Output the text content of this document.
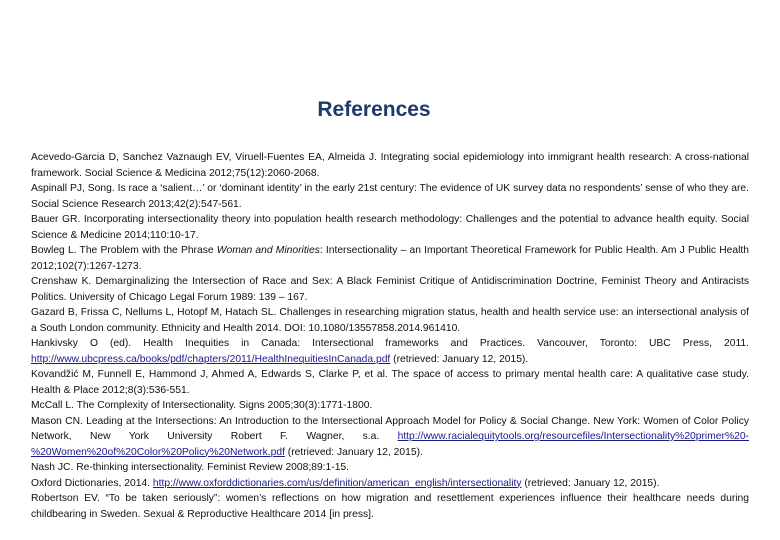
References
Acevedo-Garcia D, Sanchez Vaznaugh EV, Viruell-Fuentes EA, Almeida J. Integrating social epidemiology into immigrant health research: A cross-national framework. Social Science & Medicina 2012;75(12):2060-2068.
Aspinall PJ, Song. Is race a ‘salient…’ or ‘dominant identity’ in the early 21st century: The evidence of UK survey data no respondents’ sense of who they are. Social Science Research 2013;42(2):547-561.
Bauer GR. Incorporating intersectionality theory into population health research methodology: Challenges and the potential to advance health equity. Social Science & Medicine 2014;110:10-17.
Bowleg L. The Problem with the Phrase Woman and Minorities: Intersectionality – an Important Theoretical Framework for Public Health. Am J Public Health 2012;102(7):1267-1273.
Crenshaw K. Demarginalizing the Intersection of Race and Sex: A Black Feminist Critique of Antidiscrimination Doctrine, Feminist Theory and Antiracists Politics. University of Chicago Legal Forum 1989: 139 – 167.
Gazard B, Frissa C, Nellums L, Hotopf M, Hatach SL. Challenges in researching migration status, health and health service use: an intersectional analysis of a South London community. Ethnicity and Health 2014. DOI: 10.1080/13557858.2014.961410.
Hankivsky O (ed). Health Inequities in Canada: Intersectional frameworks and Practices. Vancouver, Toronto: UBC Press, 2011. http://www.ubcpress.ca/books/pdf/chapters/2011/HealthInequitiesInCanada.pdf (retrieved: January 12, 2015).
Kovandžić M, Funnell E, Hammond J, Ahmed A, Edwards S, Clarke P, et al. The space of access to primary mental health care: A qualitative case study. Health & Place 2012;8(3):536-551.
McCall L. The Complexity of Intersectionality. Signs 2005;30(3):1771-1800.
Mason CN. Leading at the Intersections: An Introduction to the Intersectional Approach Model for Policy & Social Change. New York: Women of Color Policy Network, New York University Robert F. Wagner, s.a. http://www.racialequitytools.org/resourcefiles/Intersectionality%20primer%20-%20Women%20of%20Color%20Policy%20Network.pdf (retrieved: January 12, 2015).
Nash JC. Re-thinking intersectionality. Feminist Review 2008;89:1-15.
Oxford Dictionaries, 2014. http://www.oxforddictionaries.com/us/definition/american_english/intersectionality (retrieved: January 12, 2015).
Robertson EV. “To be taken seriously”: women’s reflections on how migration and resettlement experiences influence their healthcare needs during childbearing in Sweden. Sexual & Reproductive Healthcare 2014 [in press].
